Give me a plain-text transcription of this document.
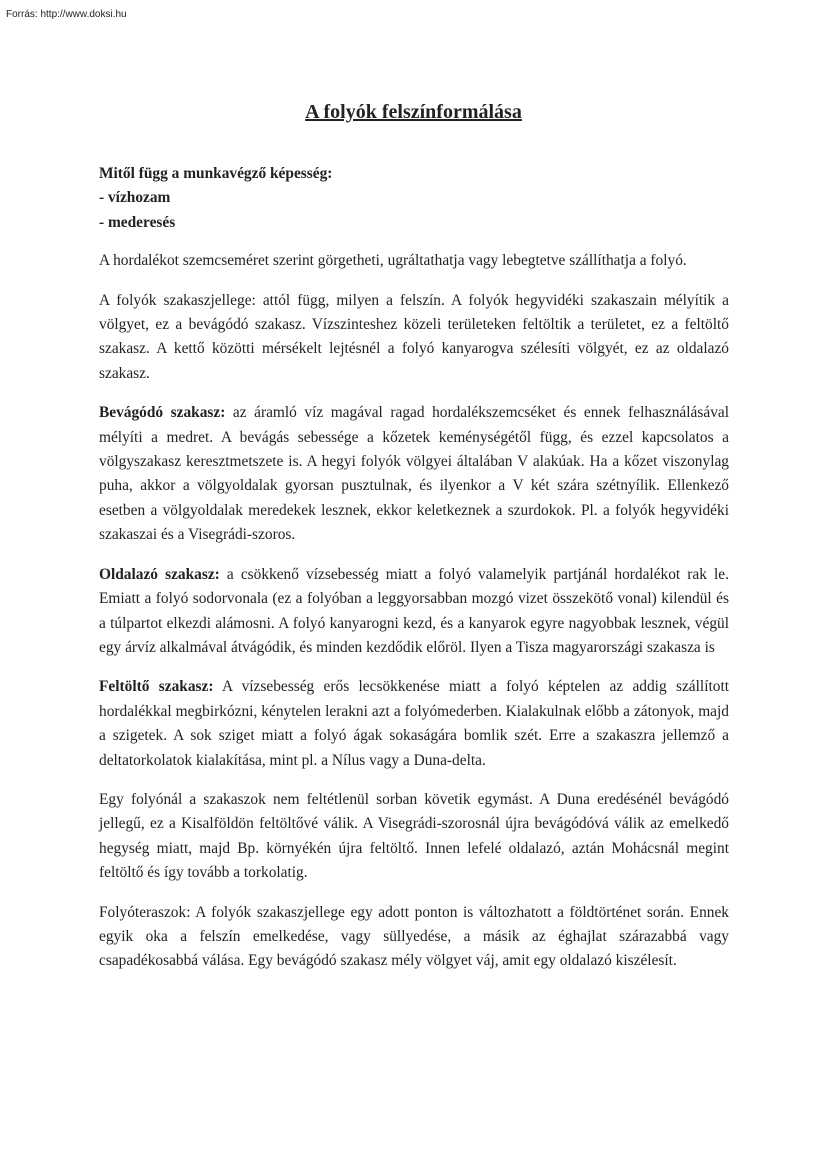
Forrás: http://www.doksi.hu
A folyók felszínformálása
Mitől függ a munkavégző képesség:
- vízhozam
- mederesés

A hordalékot szemcseméret szerint görgetheti, ugráltathatja vagy lebegtetve szállíthatja a folyó.

A folyók szakaszjellege: attól függ, milyen a felszín. A folyók hegyvidéki szakaszain mélyítik a völgyet, ez a bevágódó szakasz. Vízszinteshez közeli területeken feltöltik a területet, ez a feltöltő szakasz. A kettő közötti mérsékelt lejtésnél a folyó kanyarogva szélesíti völgyét, ez az oldalazó szakasz.

Bevágódó szakasz: az áramló víz magával ragad hordalékszemcséket és ennek felhasználásával mélyíti a medret. A bevágás sebessége a kőzetek keménységétől függ, és ezzel kapcsolatos a völgyszakasz keresztmetszete is. A hegyi folyók völgyei általában V alakúak. Ha a kőzet viszonylag puha, akkor a völgyoldalak gyorsan pusztulnak, és ilyenkor a V két szára szétnyílik. Ellenkező esetben a völgyoldalak meredekek lesznek, ekkor keletkeznek a szurdokok. Pl. a folyók hegyvidéki szakaszai és a Visegrádi-szoros.

Oldalazó szakasz: a csökkenő vízsebesség miatt a folyó valamelyik partjánál hordalékot rak le. Emiatt a folyó sodorvonala (ez a folyóban a leggyorsabban mozgó vizet összekötő vonal) kilendül és a túlpartot elkezdi alámosni. A folyó kanyarogni kezd, és a kanyarok egyre nagyobbak lesznek, végül egy árvíz alkalmával átvágódik, és minden kezdődik előröl. Ilyen a Tisza magyarországi szakasza is

Feltöltő szakasz: A vízsebesség erős lecsökkenése miatt a folyó képtelen az addig szállított hordalékkal megbirkózni, kénytelen lerakni azt a folyómederben. Kialakulnak előbb a zátonyok, majd a szigetek. A sok sziget miatt a folyó ágak sokaságára bomlik szét. Erre a szakaszra jellemző a deltatorkolatok kialakítása, mint pl. a Nílus vagy a Duna-delta.

Egy folyónál a szakaszok nem feltétlenül sorban követik egymást. A Duna eredésénél bevágódó jellegű, ez a Kisalföldön feltöltővé válik. A Visegrádi-szorosnál újra bevágódóvá válik az emelkedő hegység miatt, majd Bp. környékén újra feltöltő. Innen lefelé oldalazó, aztán Mohácsnál megint feltöltő és így tovább a torkolatig.

Folyóteraszok: A folyók szakaszjellege egy adott ponton is változhatott a földtörténet során. Ennek egyik oka a felszín emelkedése, vagy süllyedése, a másik az éghajlat szárazabbá vagy csapadékosabbá válása. Egy bevágódó szakasz mély völgyet váj, amit egy oldalazó kiszélesít.
